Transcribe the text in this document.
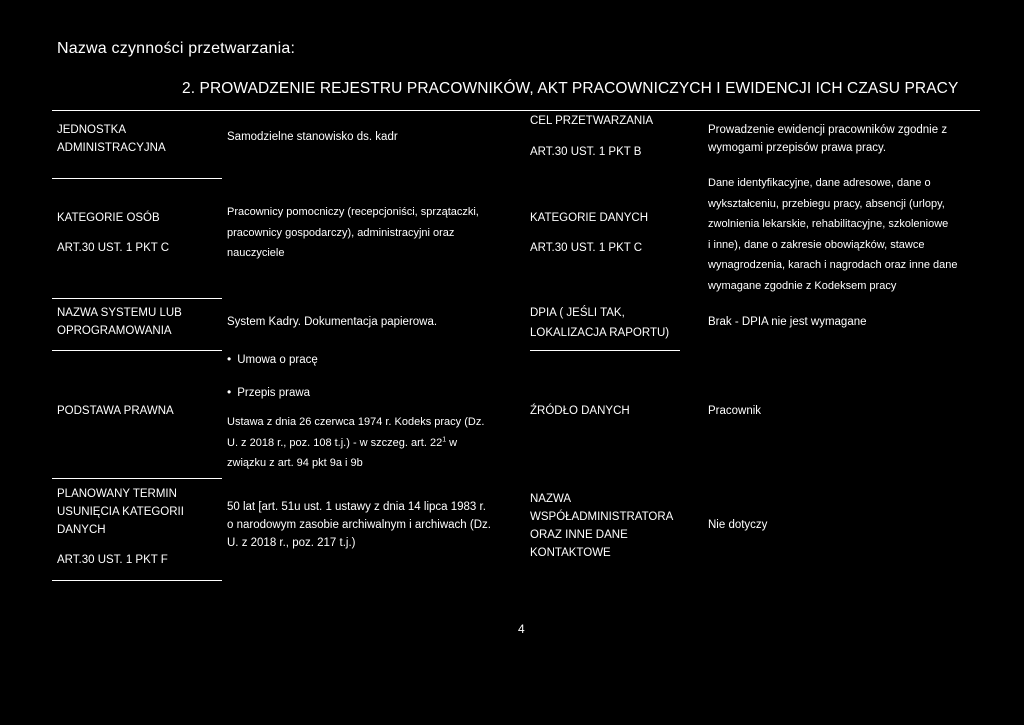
Nazwa czynności przetwarzania:
2. PROWADZENIE REJESTRU PRACOWNIKÓW, AKT PRACOWNICZYCH I EWIDENCJI ICH CZASU PRACY
JEDNOSTKA
ADMINISTRACYJNA
Samodzielne stanowisko ds. kadr
CEL PRZETWARZANIA
ART.30 UST. 1 PKT B
Prowadzenie ewidencji pracowników zgodnie z
wymogami przepisów prawa pracy.
KATEGORIE OSÓB
ART.30 UST. 1 PKT C
Pracownicy pomocniczy (recepcjoniści, sprzątaczki,
pracownicy gospodarczy), administracyjni oraz
nauczyciele
KATEGORIE DANYCH
ART.30 UST. 1 PKT C
Dane identyfikacyjne, dane adresowe, dane o
wykształceniu, przebiegu pracy, absencji (urlopy,
zwolnienia lekarskie, rehabilitacyjne, szkoleniowe
i inne), dane o zakresie obowiązków, stawce
wynagrodzenia, karach i nagrodach oraz inne dane
wymagane zgodnie z Kodeksem pracy
NAZWA SYSTEMU LUB
OPROGRAMOWANIA
System Kadry. Dokumentacja papierowa.
DPIA ( JEŚLI TAK,
LOKALIZACJA RAPORTU)
Brak - DPIA nie jest wymagane
PODSTAWA PRAWNA
• Umowa o pracę
• Przepis prawa
Ustawa z dnia 26 czerwca 1974 r. Kodeks pracy (Dz.
U. z 2018 r., poz. 108 t.j.) - w szczeg. art. $22^1$ w
związku z art. 94 pkt 9a i 9b
ŹRÓDŁO DANYCH	Pracownik
PLANOWANY TERMIN
USUNIĘCIA KATEGORII
DANYCH
ART.30 UST. 1 PKT F
50 lat [art. 51u ust. 1 ustawy z dnia 14 lipca 1983 r.
o narodowym zasobie archiwalnym i archiwach (Dz.
U. z 2018 r., poz. 217 t.j.)
NAZWA
WSPÓŁADMINISTRATORA
ORAZ INNE DANE
KONTAKTOWE
Nie dotyczy
4
